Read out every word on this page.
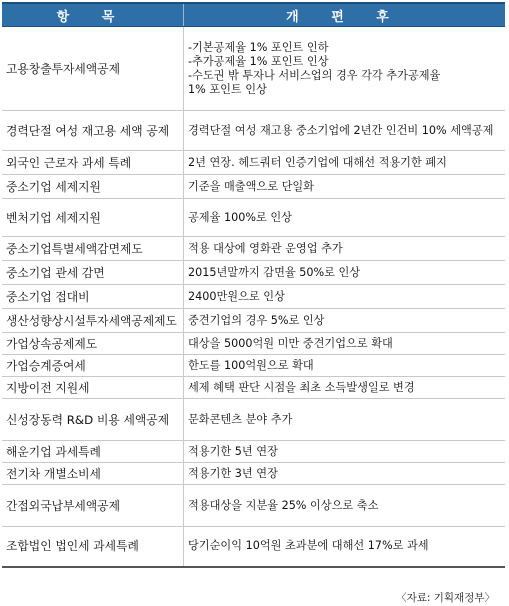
항 목	개 편 후
고용창출투자세액공제	-기본공제율 1% 포인트 인하
-추가공제율 1% 포인트 인상
-수도권 밖 투자나 서비스업의 경우 각각 추가공제율
1% 포인트 인상

경력단절 여성 재고용 세액 공제	경력단절 여성 재고용 중소기업에 2년간 인건비 10% 세액공제
외국인 근로자 과세 특례	2년 연장. 헤드쿼터 인증기업에 대해선 적용기한 폐지
중소기업 세제지원	기준을 매출액으로 단일화
벤처기업 세제지원	공제율 100%로 인상
중소기업특별세액감면제도	적용 대상에 영화관 운영업 추가
중소기업 관세 감면	2015년말까지 감면율 50%로 인상
중소기업 접대비	2400만원으로 인상
생산성향상시설투자세액공제제도	중견기업의 경우 5%로 인상
가업상속공제제도	대상을 5000억원 미만 중견기업으로 확대
가업승계증여세	한도를 100억원으로 확대
지방이전 지원세	세제 혜택 판단 시점을 최초 소득발생일로 변경
신성장동력 R&D 비용 세액공제	문화콘텐츠 분야 추가
해운기업 과세특례	적용기한 5년 연장
전기차 개별소비세	적용기한 3년 연장
간접외국납부세액공제	적용대상을 지분율 25% 이상으로 축소
조합법인 법인세 과세특례	당기순이익 10억원 초과분에 대해선 17%로 과세
〈자료: 기획재정부〉
